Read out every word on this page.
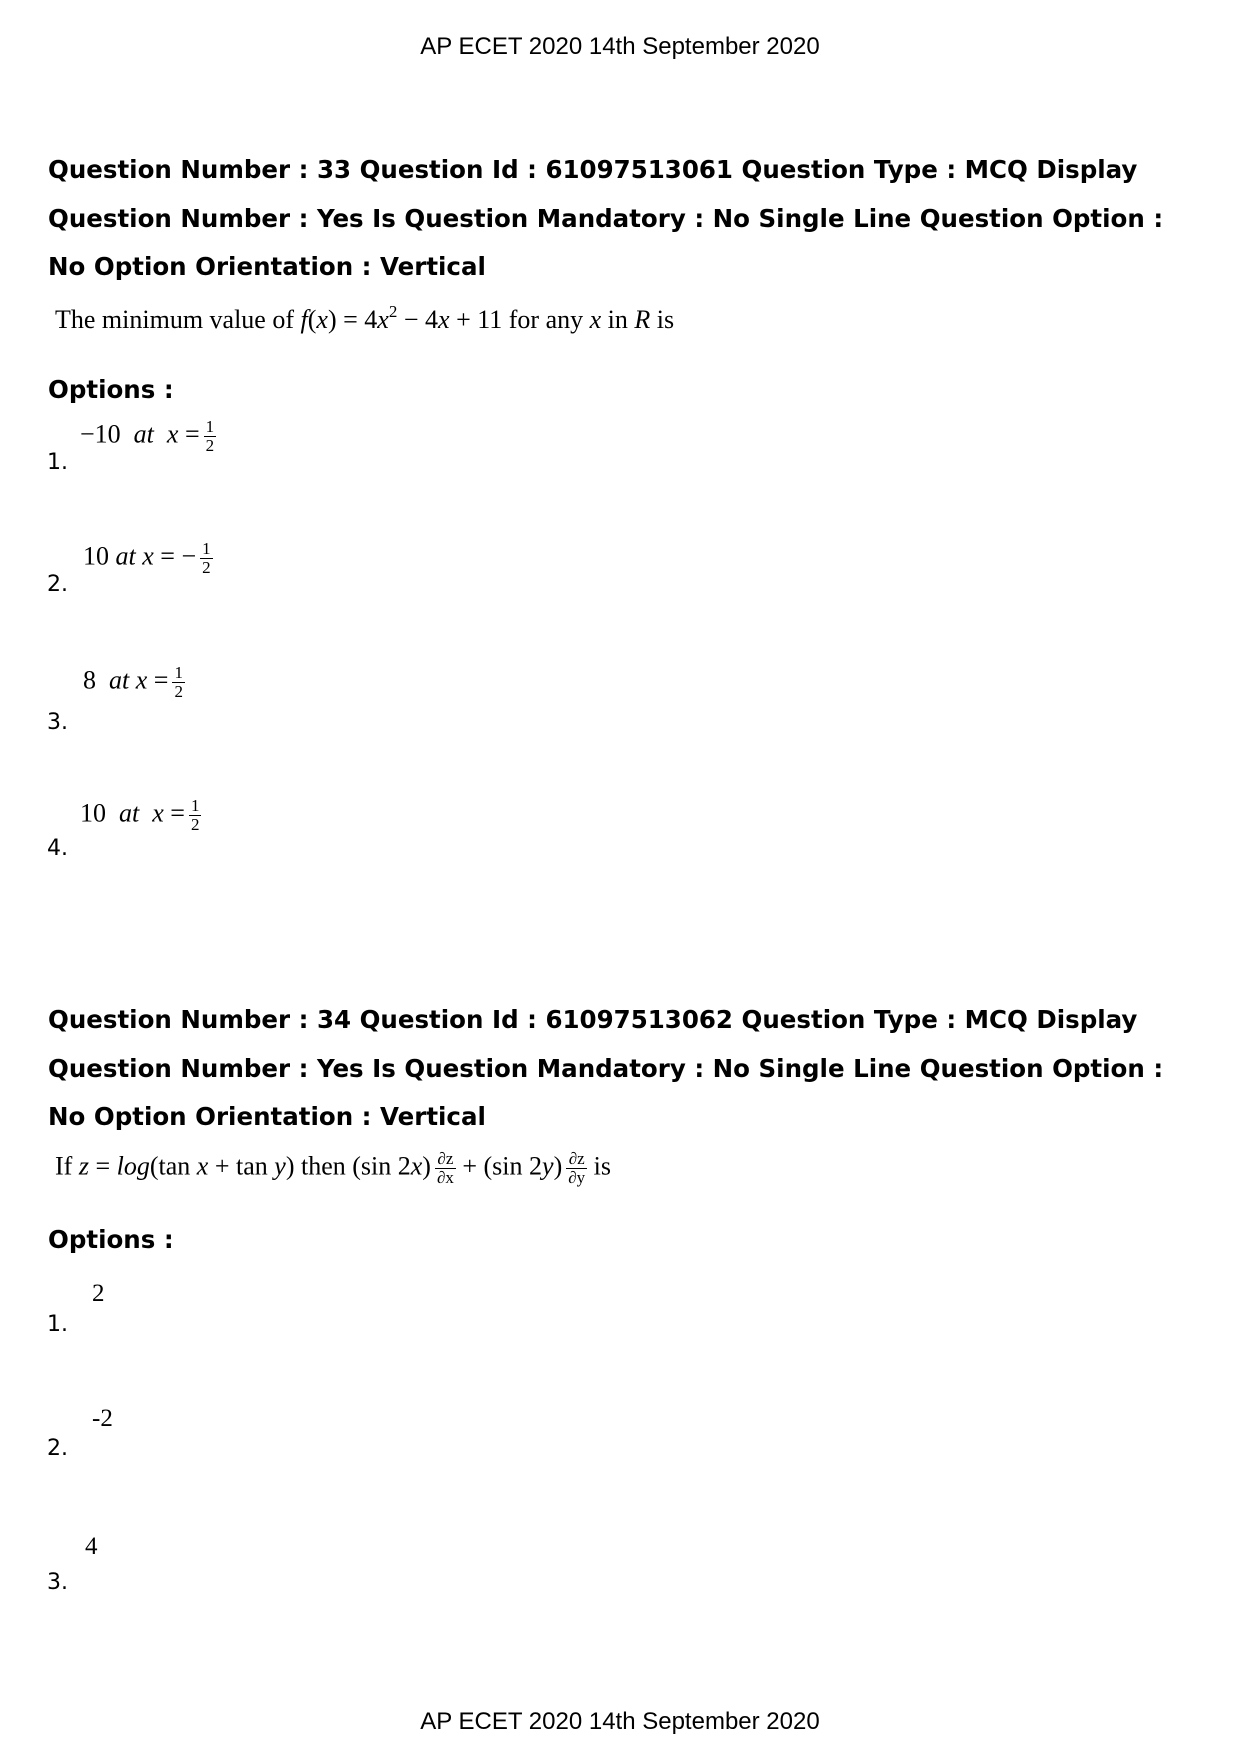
AP ECET 2020 14th September 2020
Question Number : 33 Question Id : 61097513061 Question Type : MCQ Display Question Number : Yes Is Question Mandatory : No Single Line Question Option : No Option Orientation : Vertical
The minimum value of $f(x) = 4x^2 - 4x + 11$ for any x in R is
Options :
1.
−10 at $x = \frac{1}{2}$
2.
10 at x = − $\frac{1}{2}$
3.
8 at $x = \frac{1}{2}$
4.
10 at $x = \frac{1}{2}$
Question Number : 34 Question Id : 61097513062 Question Type : MCQ Display Question Number : Yes Is Question Mandatory : No Single Line Question Option : No Option Orientation : Vertical
If z = log(tan x + tan y) then (sin $2x) \frac{\partial z}{\partial x} + (\sin$ $2y) \frac{\partial z}{\partial y}$ is
Options :
1.
2
2.
-2
3.
4
AP ECET 2020 14th September 2020
